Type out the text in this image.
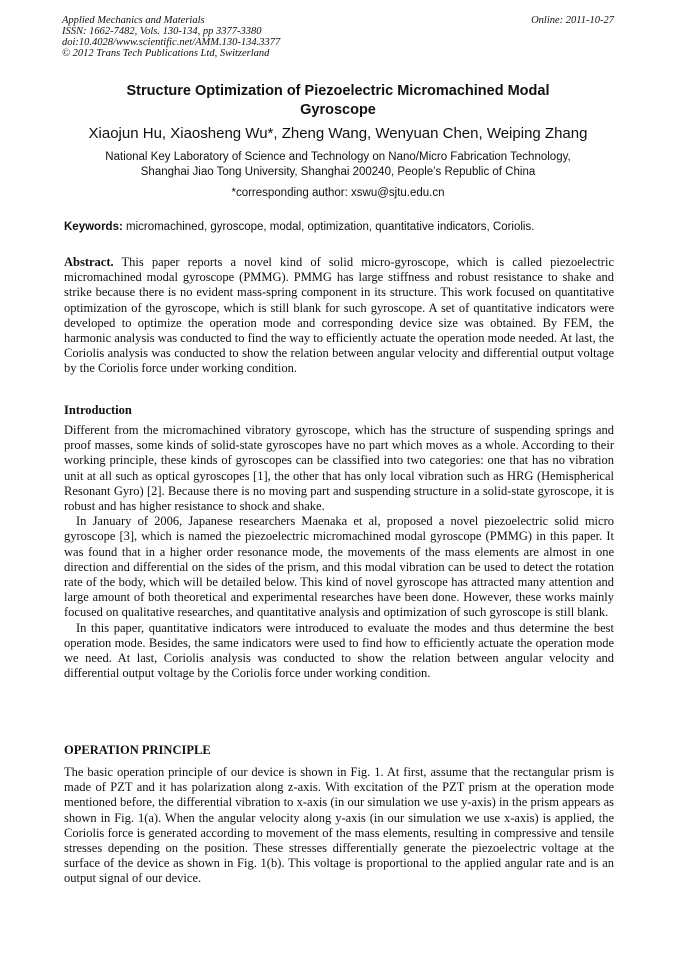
Applied Mechanics and Materials
ISSN: 1662-7482, Vols. 130-134, pp 3377-3380
doi:10.4028/www.scientific.net/AMM.130-134.3377
© 2012 Trans Tech Publications Ltd, Switzerland
Online: 2011-10-27
Structure Optimization of Piezoelectric Micromachined Modal
Gyroscope
Xiaojun Hu, Xiaosheng Wu*, Zheng Wang, Wenyuan Chen, Weiping Zhang
National Key Laboratory of Science and Technology on Nano/Micro Fabrication Technology,
Shanghai Jiao Tong University, Shanghai 200240, People’s Republic of China
*corresponding author: xswu@sjtu.edu.cn
Keywords: micromachined, gyroscope, modal, optimization, quantitative indicators, Coriolis.

Abstract. This paper reports a novel kind of solid micro-gyroscope, which is called piezoelectric micromachined modal gyroscope (PMMG). PMMG has large stiffness and robust resistance to shake and strike because there is no evident mass-spring component in its structure. This work focused on quantitative optimization of the gyroscope, which is still blank for such gyroscope. A set of quantitative indicators were developed to optimize the operation mode and corresponding device size was obtained. By FEM, the harmonic analysis was conducted to find the way to efficiently actuate the operation mode needed. At last, the Coriolis analysis was conducted to show the relation between angular velocity and differential output voltage by the Coriolis force under working condition.

Introduction

Different from the micromachined vibratory gyroscope, which has the structure of suspending springs and proof masses, some kinds of solid-state gyroscopes have no part which moves as a whole. According to their working principle, these kinds of gyroscopes can be classified into two categories: one that has no vibration unit at all such as optical gyroscopes [1], the other that has only local vibration such as HRG (Hemispherical Resonant Gyro) [2]. Because there is no moving part and suspending structure in a solid-state gyroscope, it is robust and has higher resistance to shock and shake.

In January of 2006, Japanese researchers Maenaka et al, proposed a novel piezoelectric solid micro gyroscope [3], which is named the piezoelectric micromachined modal gyroscope (PMMG) in this paper. It was found that in a higher order resonance mode, the movements of the mass elements are almost in one direction and differential on the sides of the prism, and this modal vibration can be used to detect the rotation rate of the body, which will be detailed below. This kind of novel gyroscope has attracted many attention and large amount of both theoretical and experimental researches have been done. However, these works mainly focused on qualitative researches, and quantitative analysis and optimization of such gyroscope is still blank.

In this paper, quantitative indicators were introduced to evaluate the modes and thus determine the best operation mode. Besides, the same indicators were used to find how to efficiently actuate the operation mode we need. At last, Coriolis analysis was conducted to show the relation between angular velocity and differential output voltage by the Coriolis force under working condition.

OPERATION PRINCIPLE

The basic operation principle of our device is shown in Fig. 1. At first, assume that the rectangular prism is made of PZT and it has polarization along z-axis. With excitation of the PZT prism at the operation mode mentioned before, the differential vibration to x-axis (in our simulation we use y-axis) in the prism appears as shown in Fig. 1(a). When the angular velocity along y-axis (in our simulation we use x-axis) is applied, the Coriolis force is generated according to movement of the mass elements, resulting in compressive and tensile stresses depending on the position. These stresses differentially generate the piezoelectric voltage at the surface of the device as shown in Fig. 1(b). This voltage is proportional to the applied angular rate and is an output signal of our device.
